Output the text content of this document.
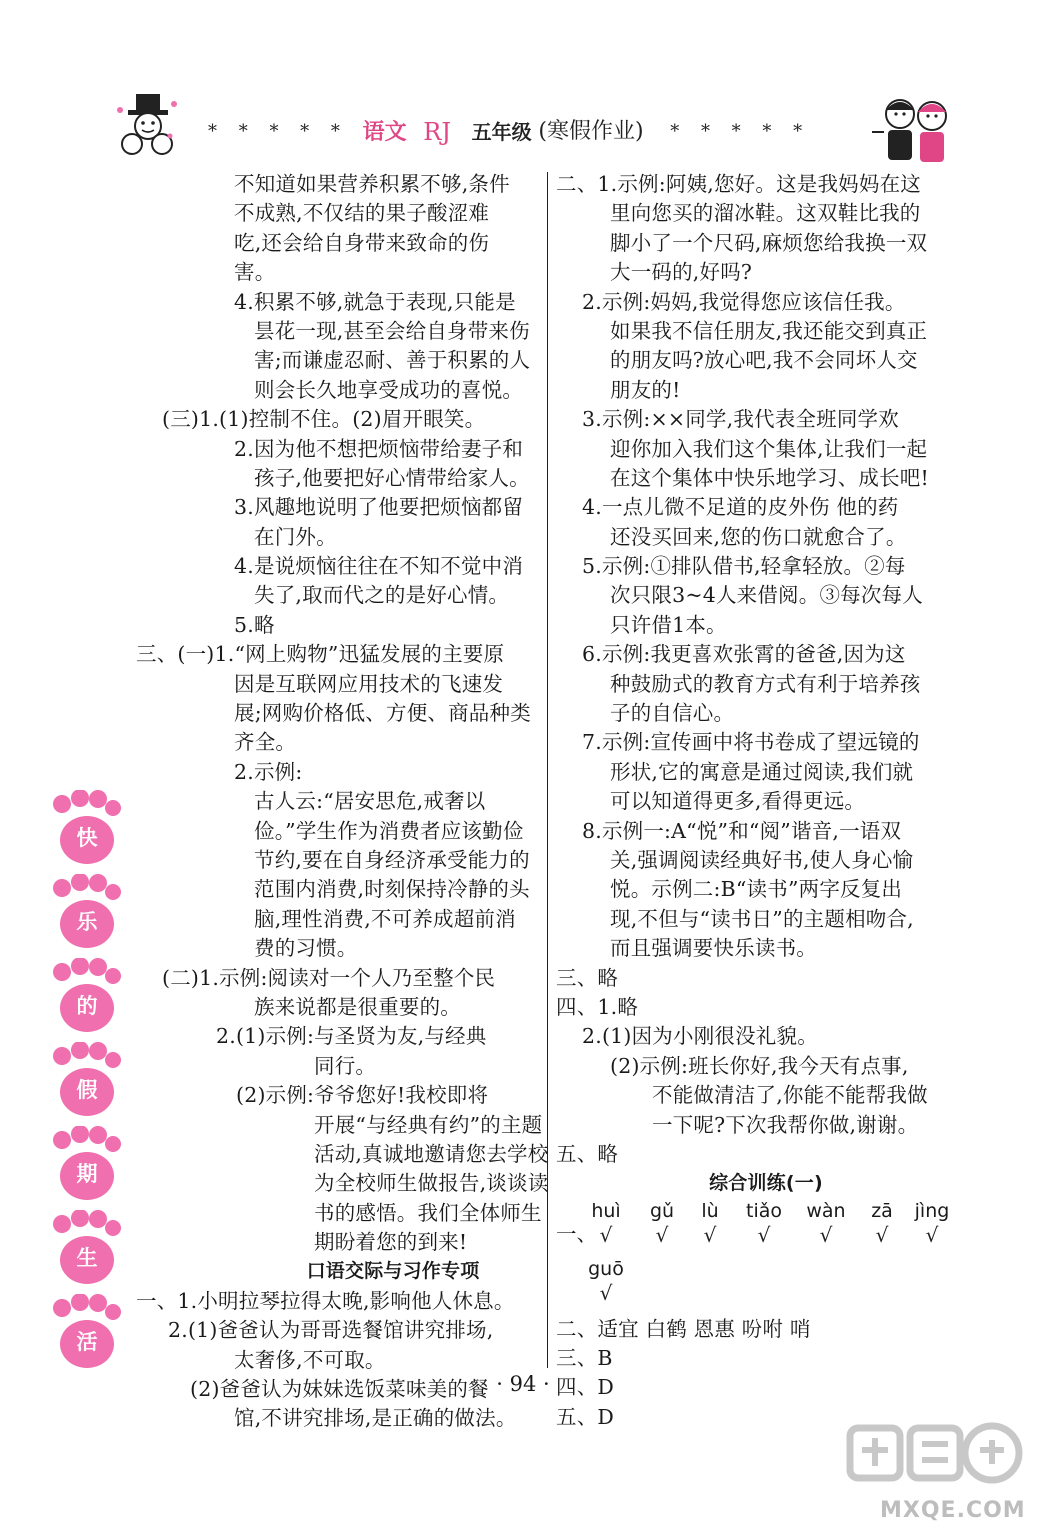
* * * * * 语文 RJ 五年级 (寒假作业) * * * * *
不知道如果营养积累不够,条件
不成熟,不仅结的果子酸涩难
吃,还会给自身带来致命的伤
害。
4.积累不够,就急于表现,只能是
昙花一现,甚至会给自身带来伤
害;而谦虚忍耐、善于积累的人
则会长久地享受成功的喜悦。
(三)1.(1)控制不住。(2)眉开眼笑。
2.因为他不想把烦恼带给妻子和
孩子,他要把好心情带给家人。
3.风趣地说明了他要把烦恼都留
在门外。
4.是说烦恼往往在不知不觉中消
失了,取而代之的是好心情。
5.略
三、(一)1.“网上购物”迅猛发展的主要原
因是互联网应用技术的飞速发
展;网购价格低、方便、商品种类
齐全。
2.示例:
古人云:“居安思危,戒奢以
俭。”学生作为消费者应该勤俭
节约,要在自身经济承受能力的
范围内消费,时刻保持冷静的头
脑,理性消费,不可养成超前消
费的习惯。
(二)1.示例:阅读对一个人乃至整个民
族来说都是很重要的。
2.(1)示例:与圣贤为友,与经典
同行。
(2)示例:爷爷您好!我校即将
开展“与经典有约”的主题
活动,真诚地邀请您去学校
为全校师生做报告,谈谈读
书的感悟。我们全体师生
期盼着您的到来!
口语交际与习作专项
一、1.小明拉琴拉得太晚,影响他人休息。
2.(1)爸爸认为哥哥选餐馆讲究排场,
太奢侈,不可取。
(2)爸爸认为妹妹选饭菜味美的餐
馆,不讲究排场,是正确的做法。
二、1.示例:阿姨,您好。这是我妈妈在这
里向您买的溜冰鞋。这双鞋比我的
脚小了一个尺码,麻烦您给我换一双
大一码的,好吗?
2.示例:妈妈,我觉得您应该信任我。
如果我不信任朋友,我还能交到真正
的朋友吗?放心吧,我不会同坏人交
朋友的!
3.示例:××同学,我代表全班同学欢
迎你加入我们这个集体,让我们一起
在这个集体中快乐地学习、成长吧!
4.一点儿微不足道的皮外伤 他的药
还没买回来,您的伤口就愈合了。
5.示例:①排队借书,轻拿轻放。②每
次只限3~4人来借阅。③每次每人
只许借1本。
6.示例:我更喜欢张霄的爸爸,因为这
种鼓励式的教育方式有利于培养孩
子的自信心。
7.示例:宣传画中将书卷成了望远镜的
形状,它的寓意是通过阅读,我们就
可以知道得更多,看得更远。
8.示例一:A“悦”和“阅”谐音,一语双
关,强调阅读经典好书,使人身心愉
悦。示例二:B“读书”两字反复出
现,不但与“读书日”的主题相吻合,
而且强调要快乐读书。
三、略
四、1.略
2.(1)因为小刚很没礼貌。
(2)示例:班长你好,我今天有点事,
不能做清洁了,你能不能帮我做
一下呢?下次我帮你做,谢谢。
五、略
综合训练(一)
一、
huì
√
gǔ
√
lù
√
tiǎo
√
wàn
√
zā
√
jìng
√
guō
√
二、适宜 白鹤 恩惠 吩咐 哨
三、B
四、D
五、D
快
乐
的
假
期
生
活
· 94 ·
MXQE.COM
